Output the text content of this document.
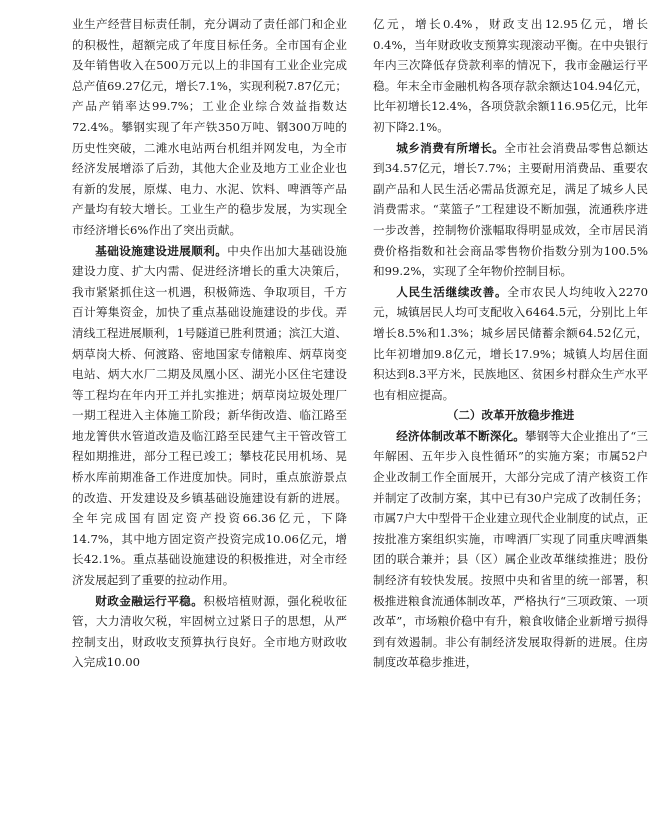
业生产经营目标责任制，充分调动了责任部门和企业的积极性，超额完成了年度目标任务。全市国有企业及年销售收入在500万元以上的非国有工业企业完成总产值69.27亿元，增长7.1%，实现利税7.87亿元；产品产销率达99.7%；工业企业综合效益指数达72.4%。攀钢实现了年产铁350万吨、钢300万吨的历史性突破，二滩水电站两台机组并网发电，为全市经济发展增添了后劲，其他大企业及地方工业企业也有新的发展，原煤、电力、水泥、饮料、啤酒等产品产量均有较大增长。工业生产的稳步发展，为实现全市经济增长6%作出了突出贡献。

基础设施建设进展顺利。中央作出加大基础设施建设力度、扩大内需、促进经济增长的重大决策后，我市紧紧抓住这一机遇，积极筛选、争取项目，千方百计筹集资金，加快了重点基础设施建设的步伐。弄清线工程进展顺利，1号隧道已胜利贯通；滨江大道、炳草岗大桥、何渡路、密地国家专储粮库、炳草岗变电站、炳大水厂二期及凤凰小区、湖光小区住宅建设等工程均在年内开工并扎实推进；炳草岗垃圾处理厂一期工程进入主体施工阶段；新华街改造、临江路至地龙箐供水管道改造及临江路至民建气主干管改管工程如期推进，部分工程已竣工；攀枝花民用机场、晃桥水库前期准备工作进度加快。同时，重点旅游景点的改造、开发建设及乡镇基础设施建设有新的进展。全年完成国有固定资产投资66.36亿元，下降14.7%，其中地方固定资产投资完成10.06亿元，增长42.1%。重点基础设施建设的积极推进，对全市经济发展起到了重要的拉动作用。

财政金融运行平稳。积极培植财源，强化税收征管，大力清收欠税，牢固树立过紧日子的思想，从严控制支出，财政收支预算执行良好。全市地方财政收入完成10.00

亿元，增长0.4%，财政支出12.95亿元，增长0.4%，当年财政收支预算实现滚动平衡。在中央银行年内三次降低存贷款利率的情况下，我市金融运行平稳。年末全市金融机构各项存款余额达104.94亿元，比年初增长12.4%，各项贷款余额116.95亿元，比年初下降2.1%。

城乡消费有所增长。全市社会消费品零售总额达到34.57亿元，增长7.7%；主要耐用消费品、重要农副产品和人民生活必需品货源充足，满足了城乡人民消费需求。“菜篮子”工程建设不断加强，流通秩序进一步改善，控制物价涨幅取得明显成效，全市居民消费价格指数和社会商品零售物价指数分别为100.5%和99.2%，实现了全年物价控制目标。

人民生活继续改善。全市农民人均纯收入2270元，城镇居民人均可支配收入6464.5元，分别比上年增长8.5%和1.3%；城乡居民储蓄余额64.52亿元，比年初增加9.8亿元，增长17.9%；城镇人均居住面积达到8.3平方米，民族地区、贫困乡村群众生产水平也有相应提高。

（二）改革开放稳步推进

经济体制改革不断深化。攀钢等大企业推出了“三年解困、五年步入良性循环”的实施方案；市属52户企业改制工作全面展开，大部分完成了清产核资工作并制定了改制方案，其中已有30户完成了改制任务；市属7户大中型骨干企业建立现代企业制度的试点，正按批准方案组织实施，市啤酒厂实现了同重庆啤酒集团的联合兼并；县（区）属企业改革继续推进；股份制经济有较快发展。按照中央和省里的统一部署，积极推进粮食流通体制改革，严格执行“三项政策、一项改革”，市场粮价稳中有升，粮食收储企业新增亏损得到有效遏制。非公有制经济发展取得新的进展。住房制度改革稳步推进，
